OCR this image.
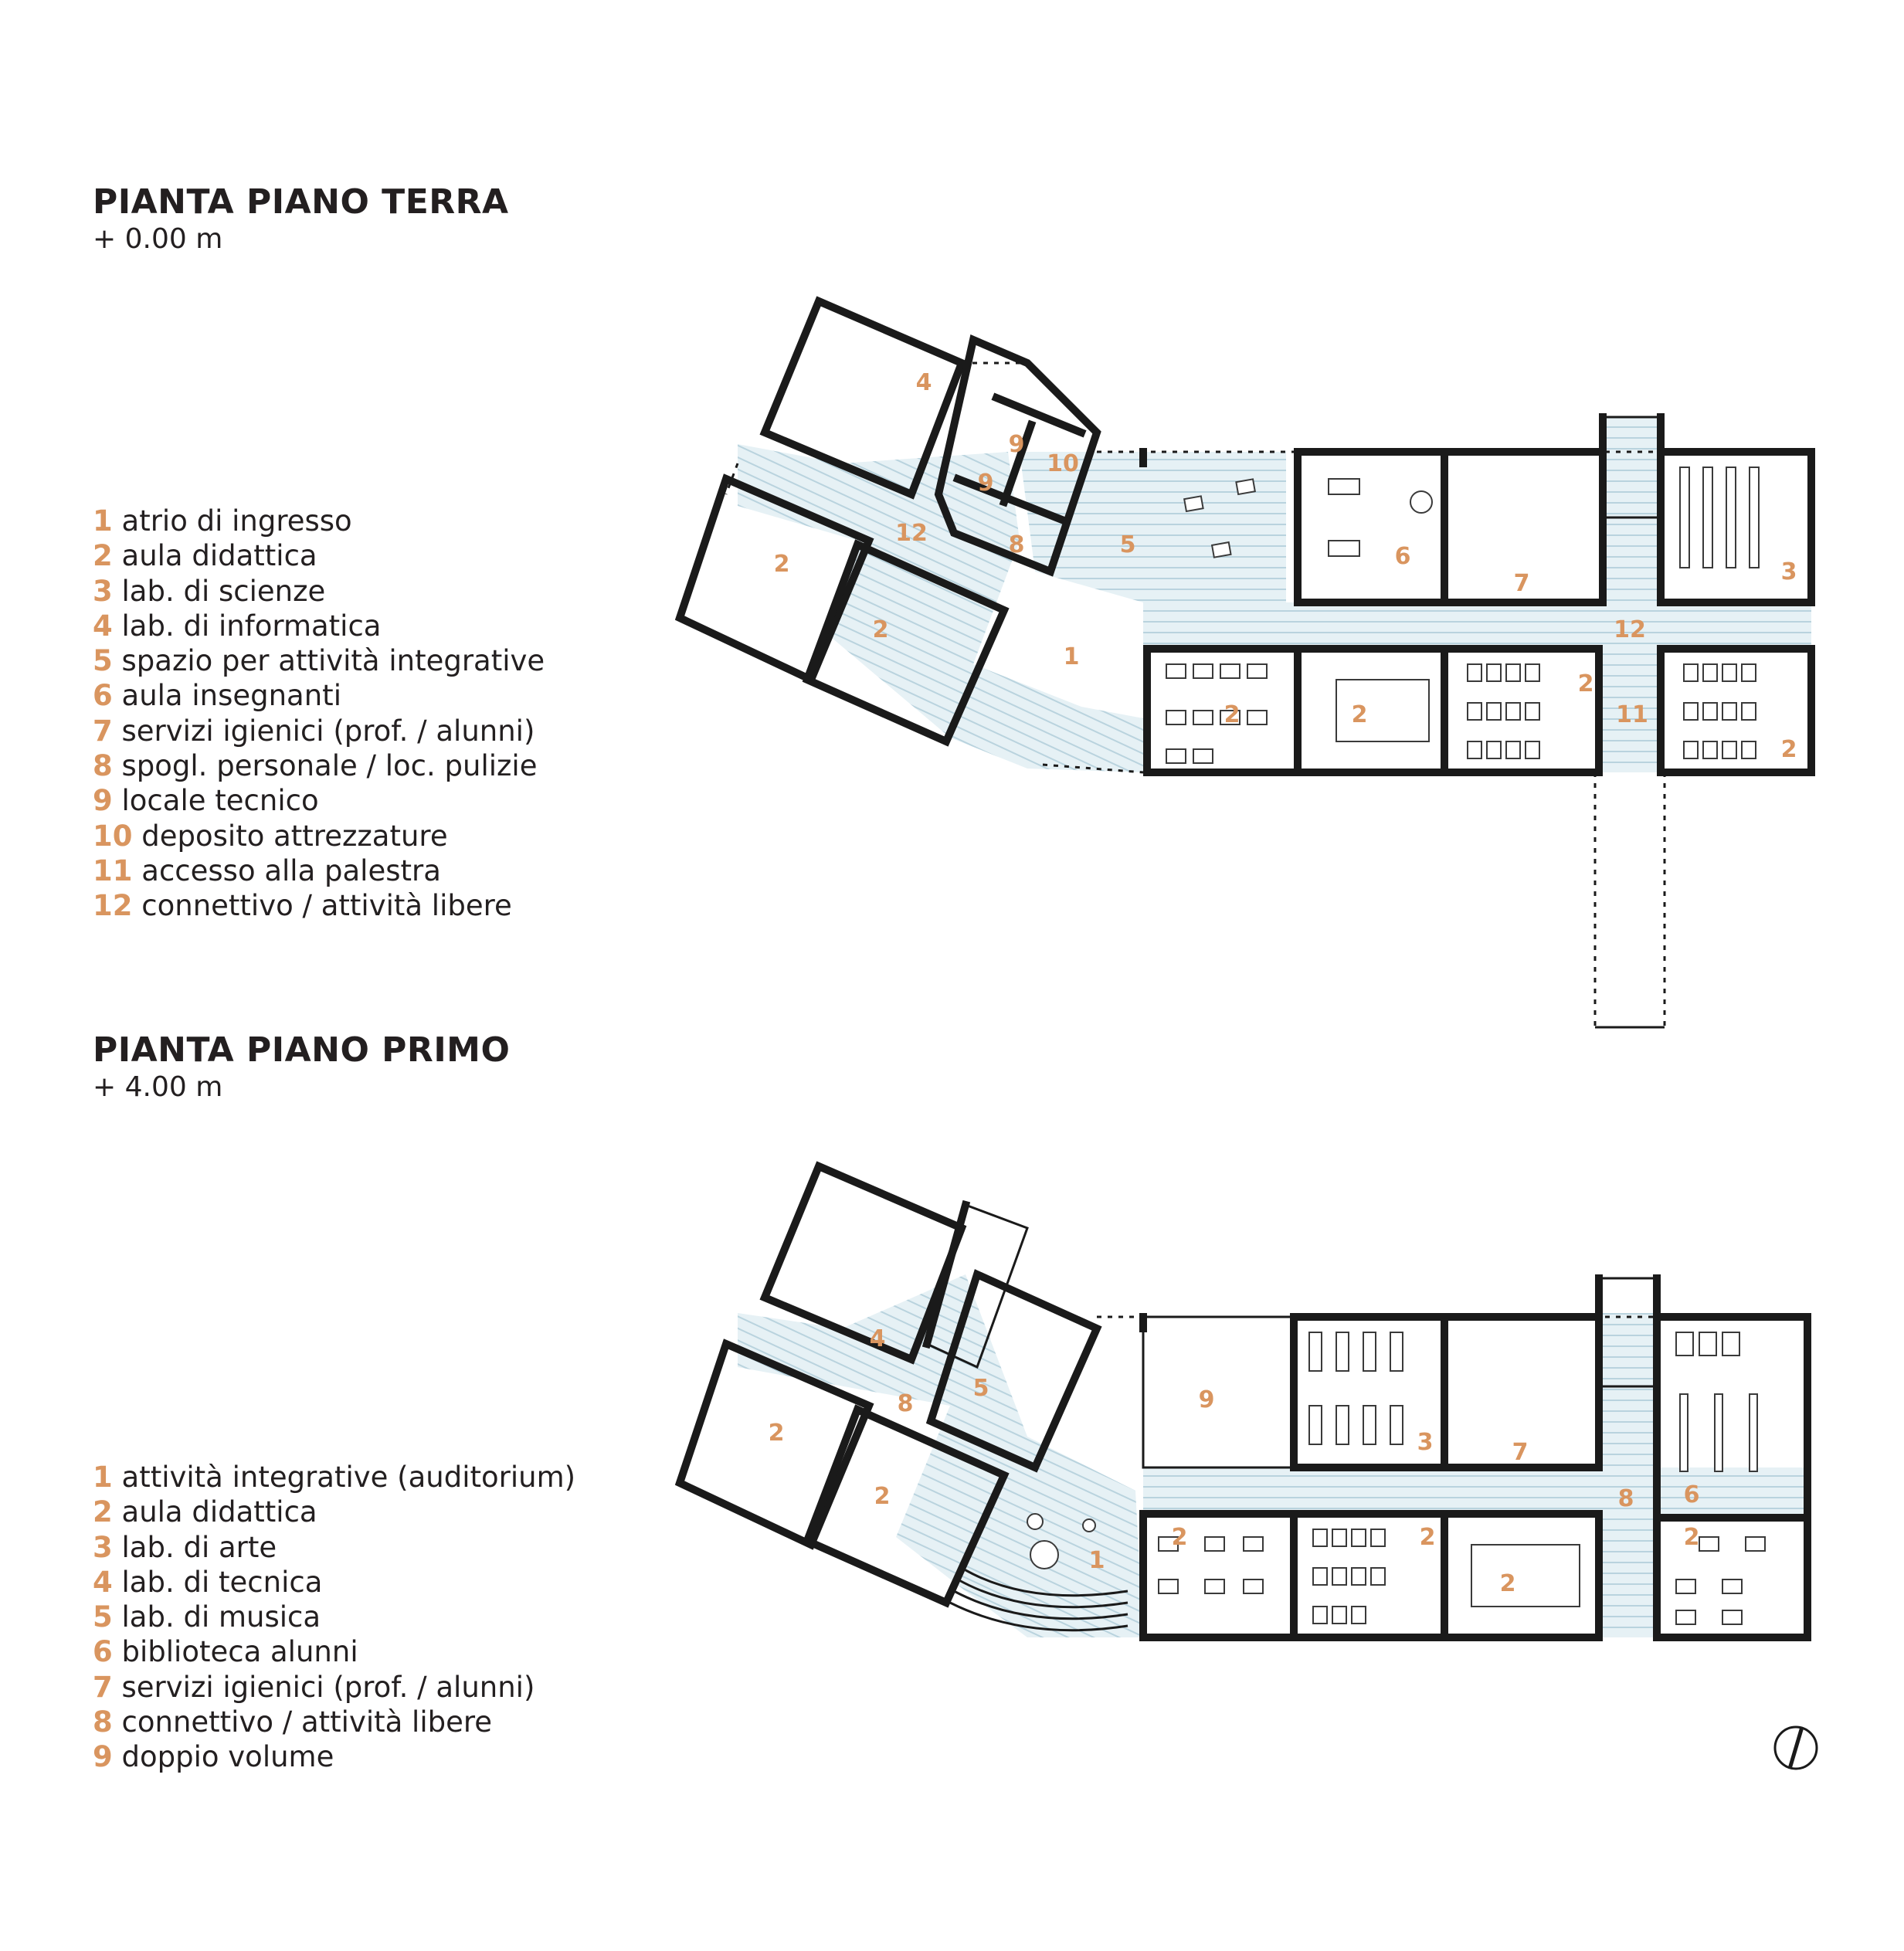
PIANTA PIANO TERRA
+ 0.00 m
1 atrio di ingresso
2 aula didattica
3 lab. di scienze
4 lab. di informatica
5 spazio per attività integrative
6 aula insegnanti
7 servizi igienici (prof. / alunni)
8 spogl. personale / loc. pulizie
9 locale tecnico
10 deposito attrezzature
11 accesso alla palestra
12 connettivo / attività libere
PIANTA PIANO PRIMO
+ 4.00 m
1 attività integrative (auditorium)
2 aula didattica
3 lab. di arte
4 lab. di tecnica
5 lab. di musica
6 biblioteca alunni
7 servizi igienici (prof. / alunni)
8 connettivo / attività libere
9 doppio volume
4
9
10
9
8
12
2
5	6
7	3
12
2
1
2	2
2
11
2
4
8
5
2
9
3	7
2
1
2	2
2
8 6
2
